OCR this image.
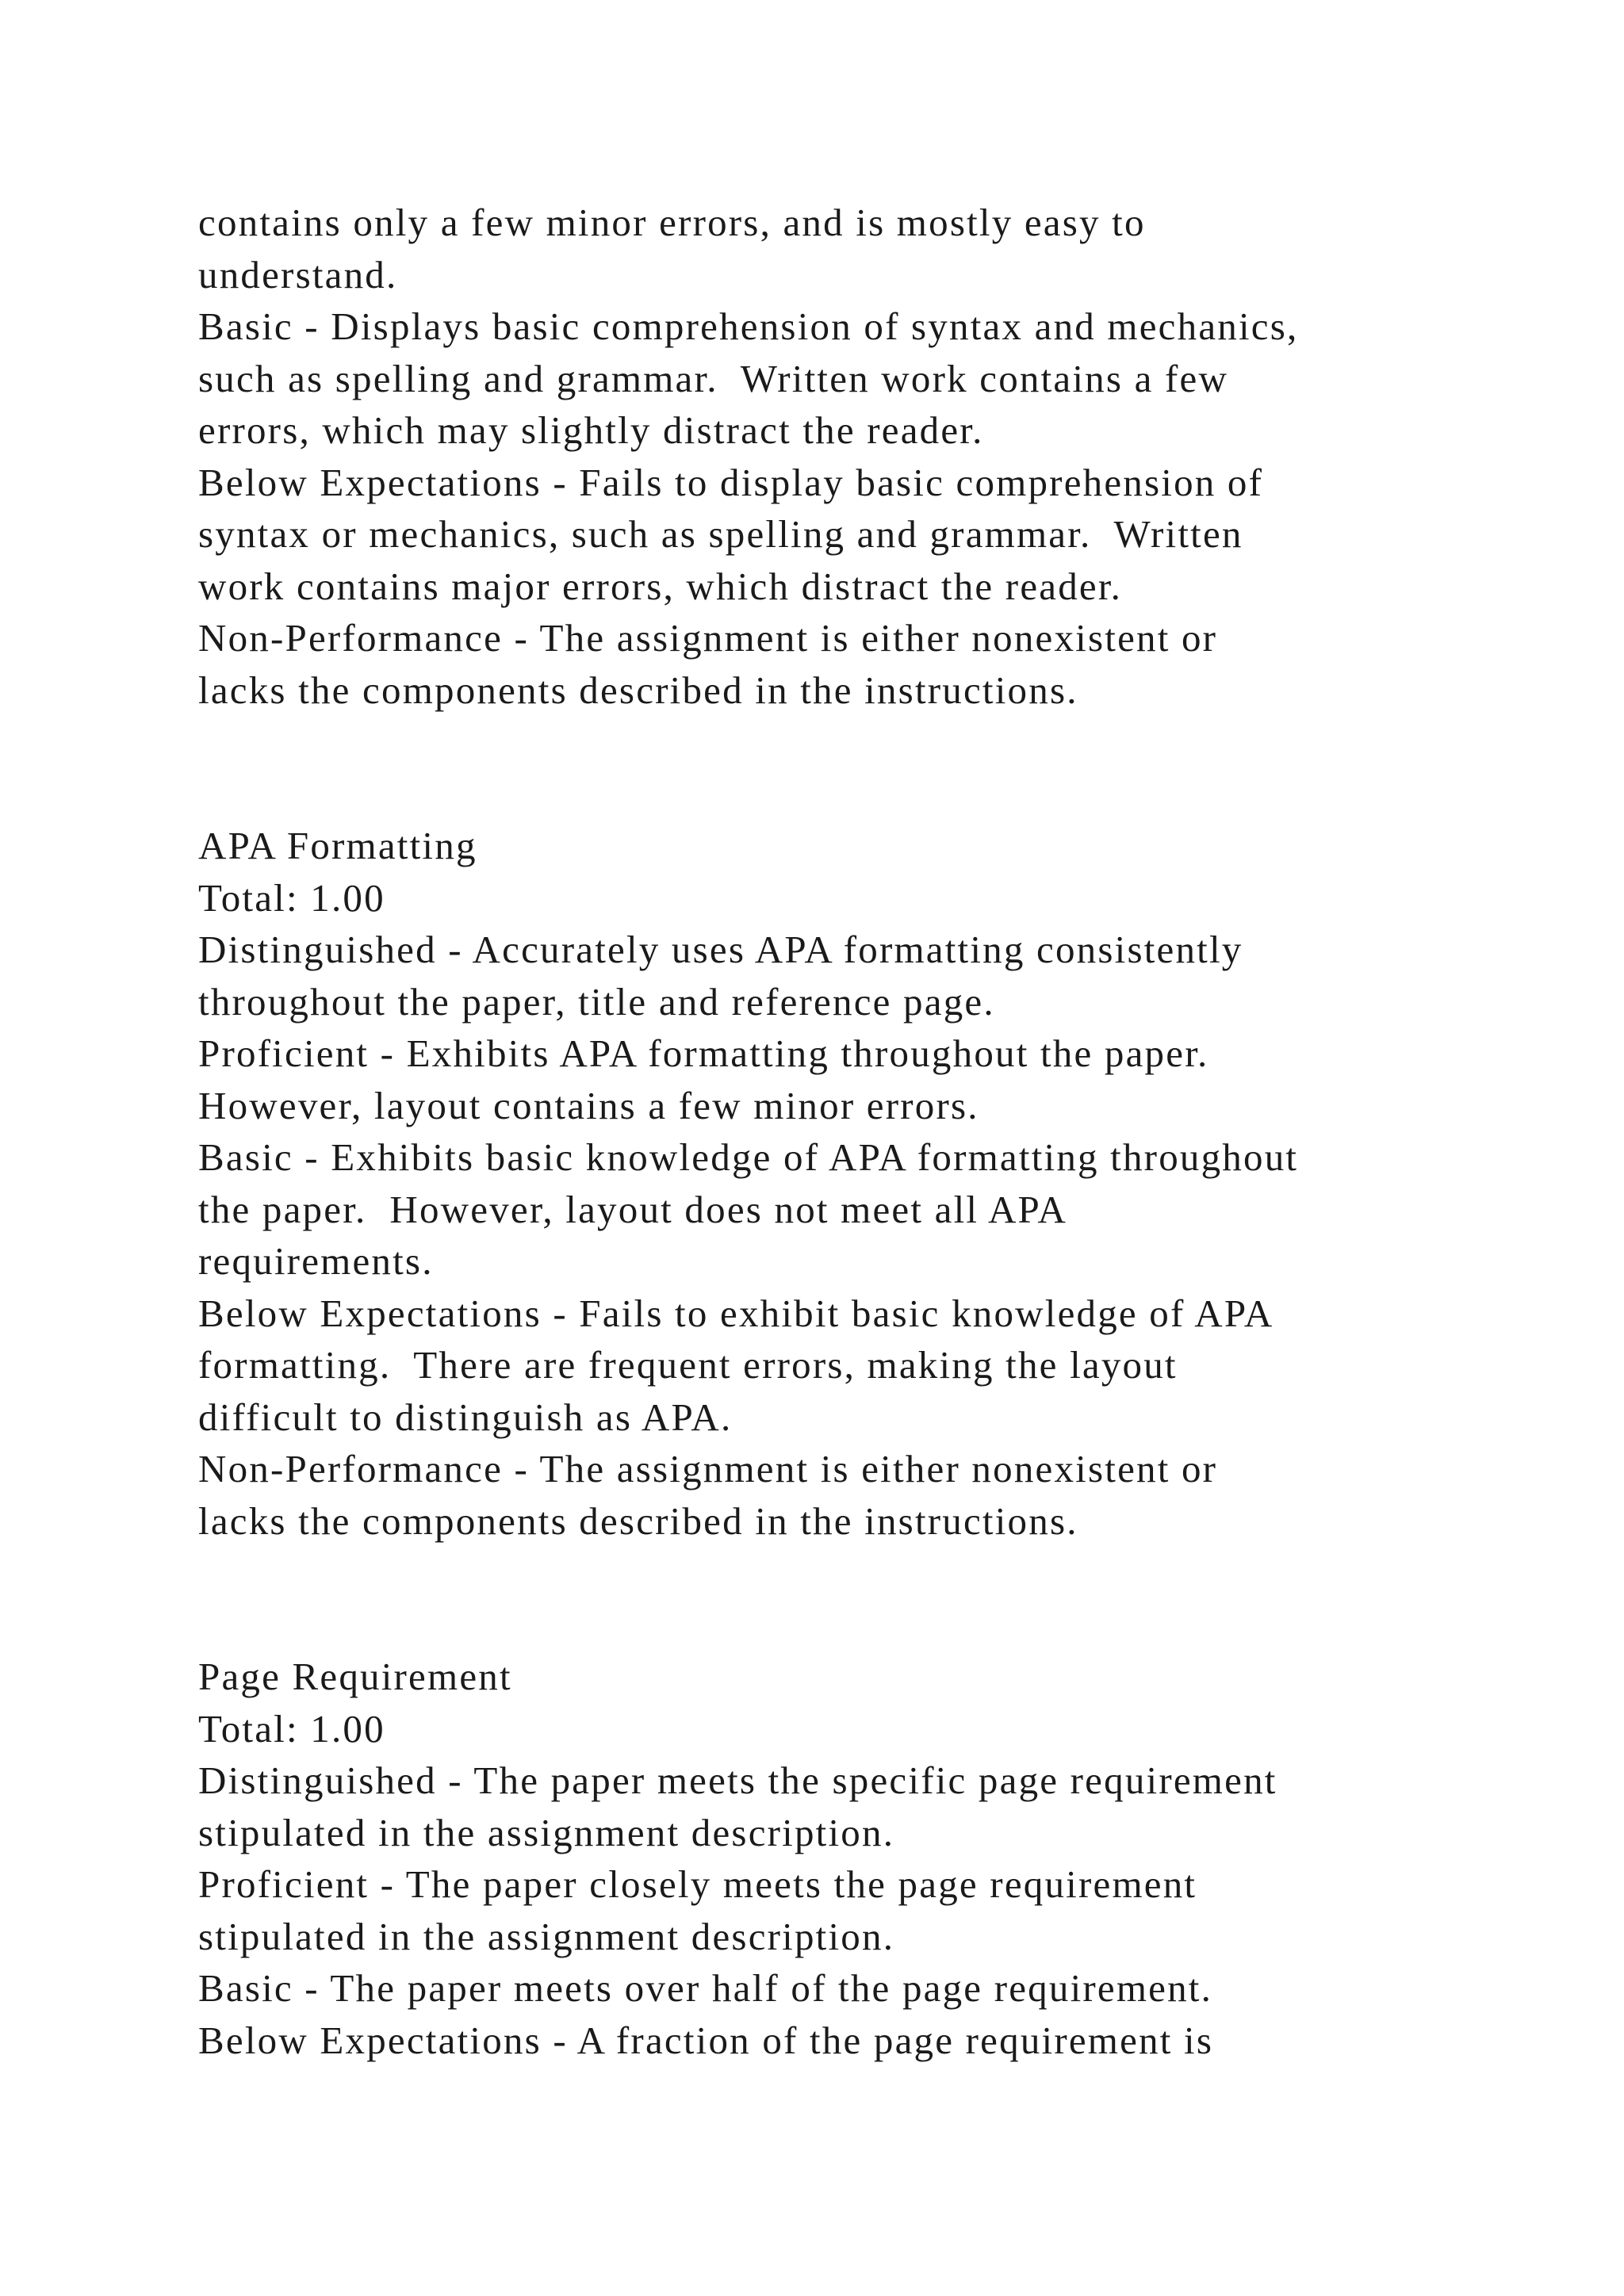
contains only a few minor errors, and is mostly easy to
understand.
Basic - Displays basic comprehension of syntax and mechanics,
such as spelling and grammar.  Written work contains a few
errors, which may slightly distract the reader.
Below Expectations - Fails to display basic comprehension of
syntax or mechanics, such as spelling and grammar.  Written
work contains major errors, which distract the reader.
Non-Performance - The assignment is either nonexistent or
lacks the components described in the instructions.
APA Formatting
Total: 1.00
Distinguished - Accurately uses APA formatting consistently
throughout the paper, title and reference page.
Proficient - Exhibits APA formatting throughout the paper.
However, layout contains a few minor errors.
Basic - Exhibits basic knowledge of APA formatting throughout
the paper.  However, layout does not meet all APA
requirements.
Below Expectations - Fails to exhibit basic knowledge of APA
formatting.  There are frequent errors, making the layout
difficult to distinguish as APA.
Non-Performance - The assignment is either nonexistent or
lacks the components described in the instructions.
Page Requirement
Total: 1.00
Distinguished - The paper meets the specific page requirement
stipulated in the assignment description.
Proficient - The paper closely meets the page requirement
stipulated in the assignment description.
Basic - The paper meets over half of the page requirement.
Below Expectations - A fraction of the page requirement is
